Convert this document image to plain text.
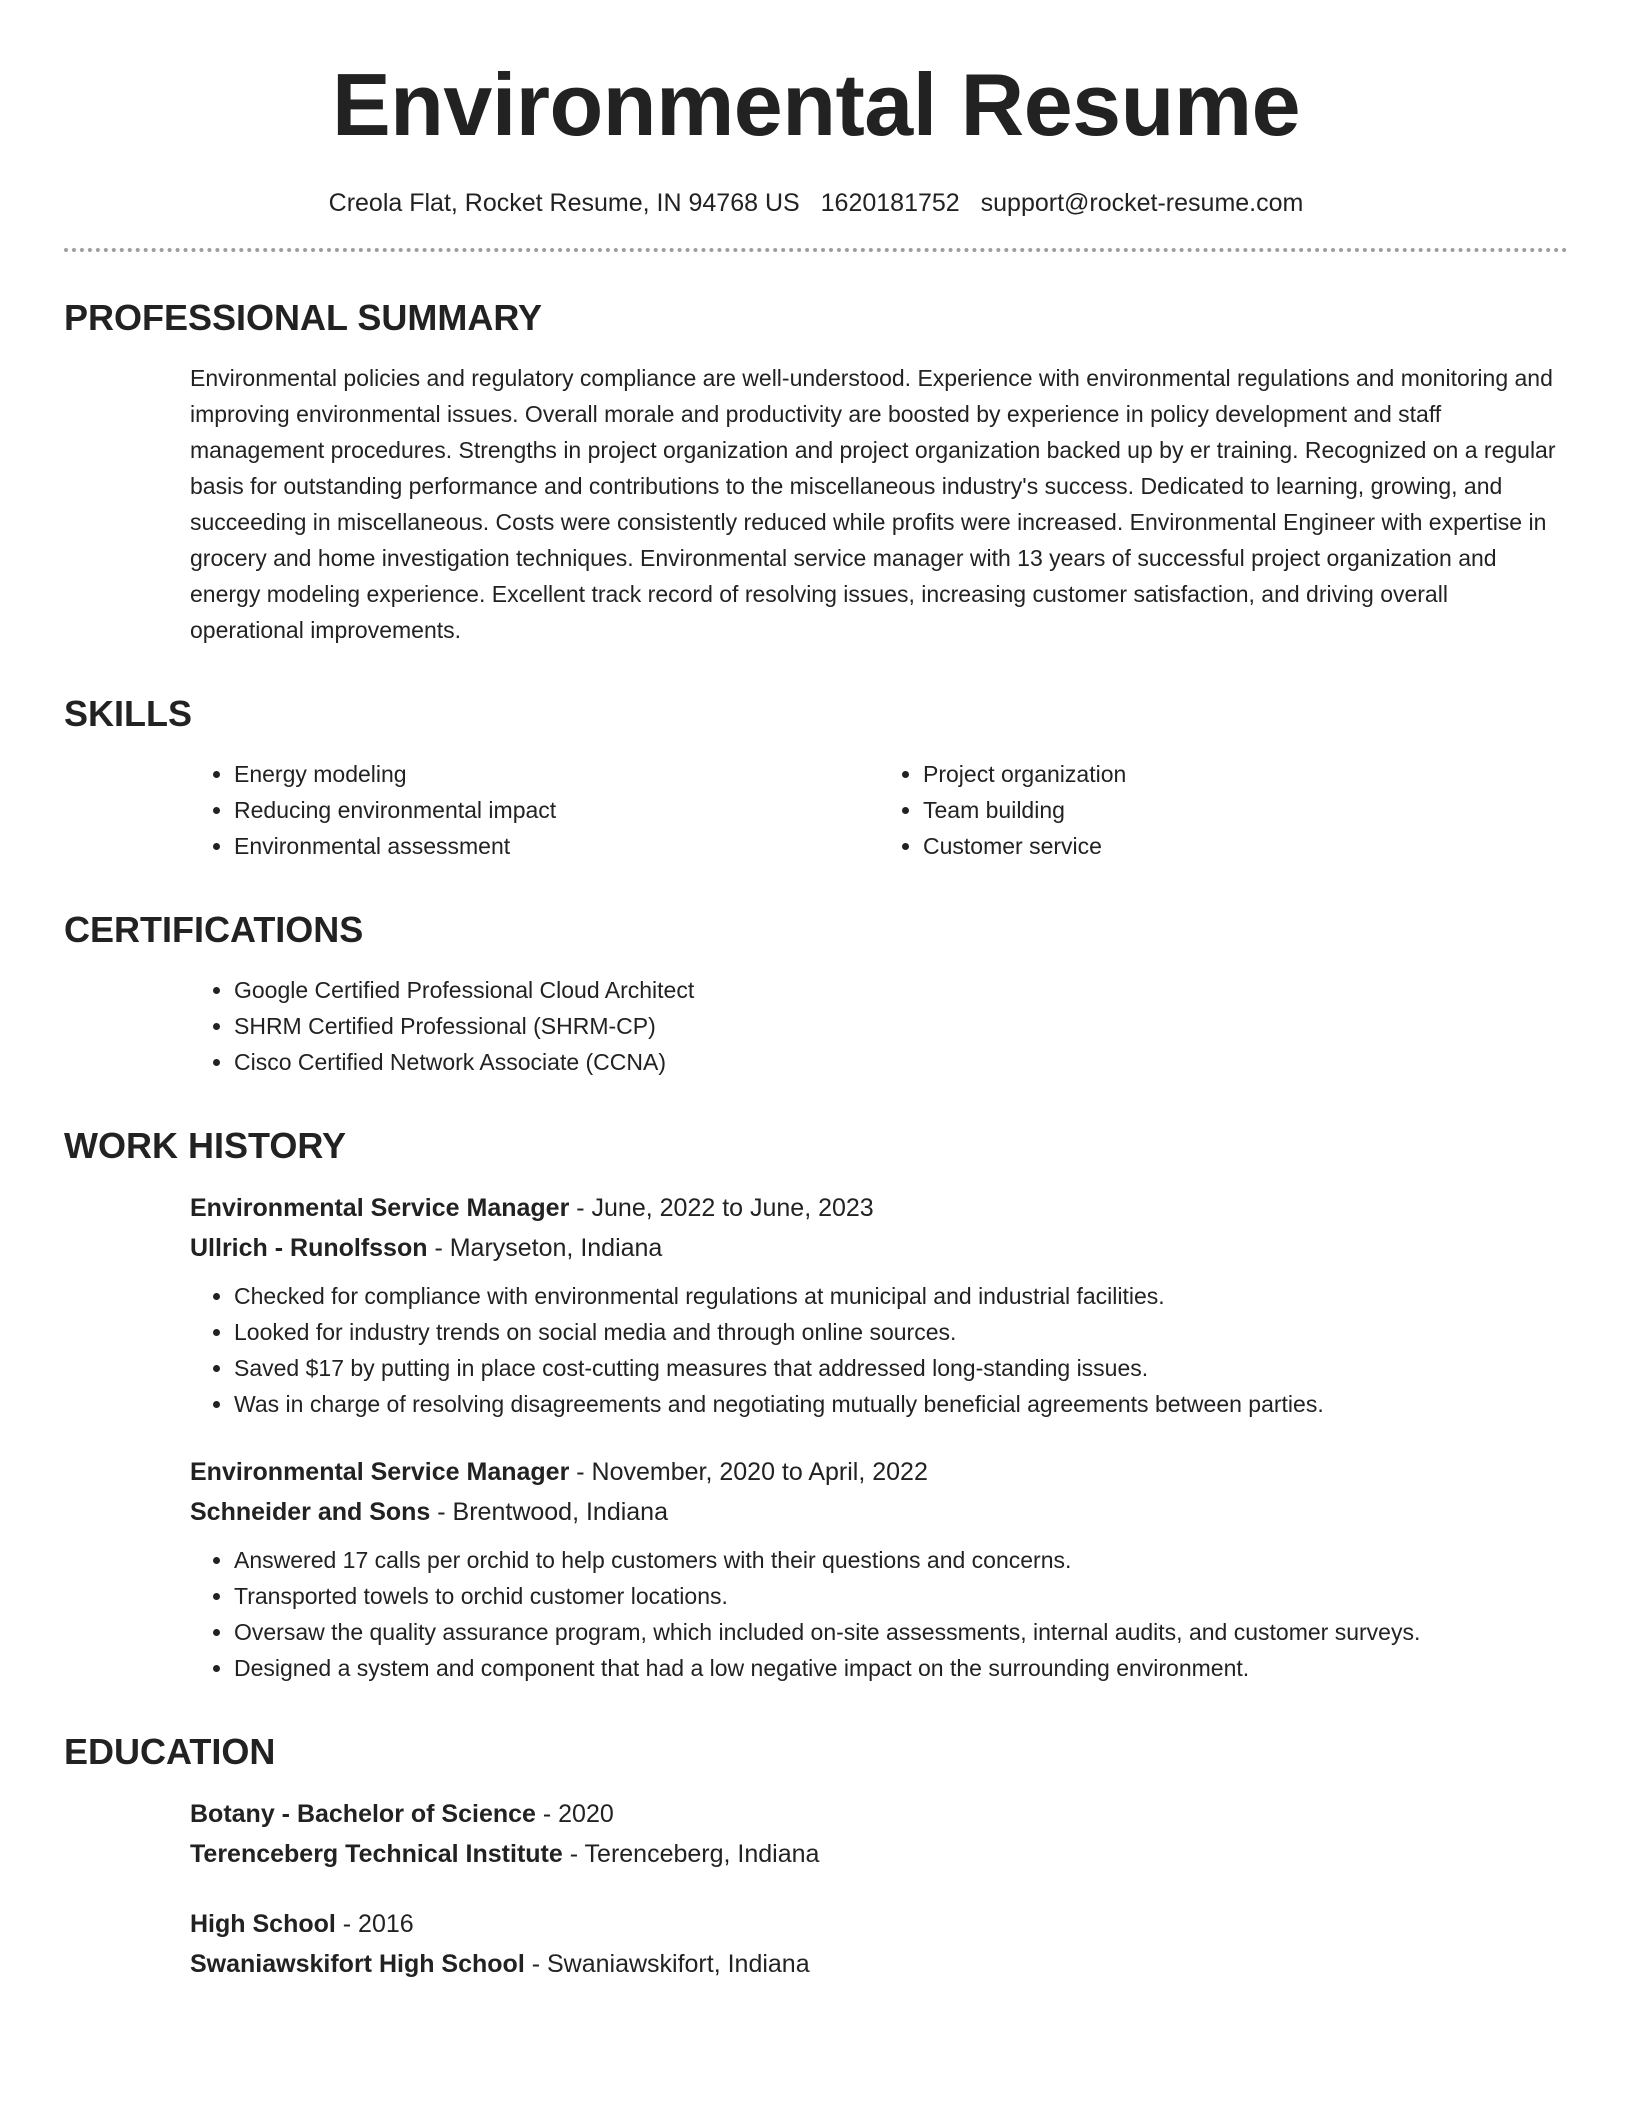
Environmental Resume
Creola Flat, Rocket Resume, IN 94768 US 1620181752 support@rocket-resume.com
PROFESSIONAL SUMMARY

Environmental policies and regulatory compliance are well-understood. Experience with environmental regulations and monitoring and improving environmental issues. Overall morale and productivity are boosted by experience in policy development and staff management procedures. Strengths in project organization and project organization backed up by er training. Recognized on a regular basis for outstanding performance and contributions to the miscellaneous industry's success. Dedicated to learning, growing, and succeeding in miscellaneous. Costs were consistently reduced while profits were increased. Environmental Engineer with expertise in grocery and home investigation techniques. Environmental service manager with 13 years of successful project organization and energy modeling experience. Excellent track record of resolving issues, increasing customer satisfaction, and driving overall operational improvements.

SKILLS
• Energy modeling
• Reducing environmental impact
• Environmental assessment
• Project organization
• Team building
• Customer service
CERTIFICATIONS
• Google Certified Professional Cloud Architect
• SHRM Certified Professional (SHRM-CP)
• Cisco Certified Network Associate (CCNA)
WORK HISTORY
Environmental Service Manager - June, 2022 to June, 2023
Ullrich - Runolfsson - Maryseton, Indiana
• Checked for compliance with environmental regulations at municipal and industrial facilities.
• Looked for industry trends on social media and through online sources.
• Saved $17 by putting in place cost-cutting measures that addressed long-standing issues.
• Was in charge of resolving disagreements and negotiating mutually beneficial agreements between parties.
Environmental Service Manager - November, 2020 to April, 2022
Schneider and Sons - Brentwood, Indiana
• Answered 17 calls per orchid to help customers with their questions and concerns.
• Transported towels to orchid customer locations.
• Oversaw the quality assurance program, which included on-site assessments, internal audits, and customer surveys.
• Designed a system and component that had a low negative impact on the surrounding environment.
EDUCATION
Botany - Bachelor of Science - 2020
Terenceberg Technical Institute - Terenceberg, Indiana
High School - 2016
Swaniawskifort High School - Swaniawskifort, Indiana
